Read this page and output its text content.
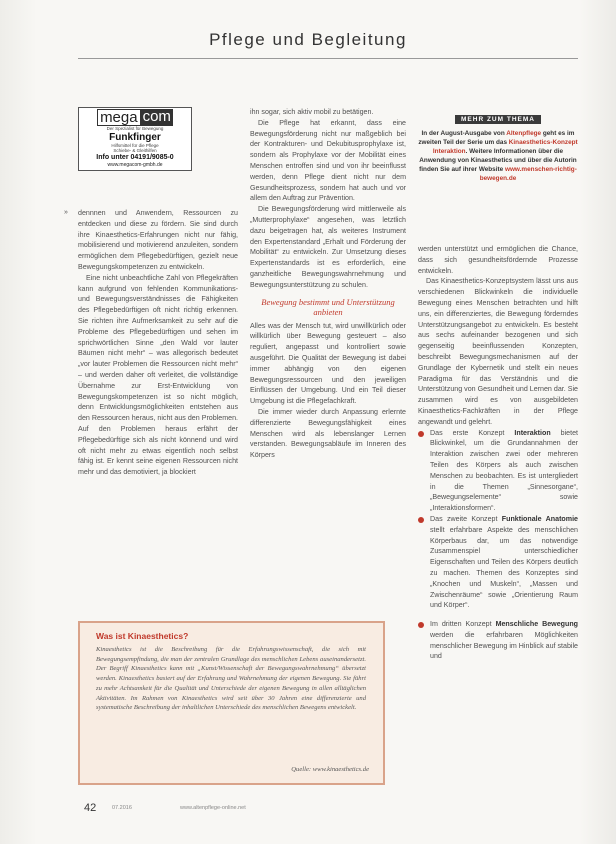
Pflege und Begleitung
mega com
Der Spezialist für Bewegung
Funkfinger
Hilfsmittel für die Pflege
Schiebe- & Gleithilfen
Info unter 04191/9085-0
www.megacom-gmbh.de
» dennnen und Anwendern, Ressourcen zu entdecken und diese zu fördern. Sie sind durch ihre Kinaesthetics-Erfahrungen nicht nur fähig, mobilisierend und motivierend anzuleiten, sondern ermöglichen dem Pflegebedürftigen, gezielt neue Bewegungskompetenzen zu entwickeln.

Eine nicht unbeachtliche Zahl von Pflegekräften kann aufgrund von fehlenden Kommunikations- und Bewegungsverständnisses die Fähigkeiten des Pflegebedürftigen oft nicht richtig erkennen. Sie richten ihre Aufmerksamkeit zu sehr auf die Probleme des Pflegebedürftigen und sehen im sprichwörtlichen Sinne „den Wald vor lauter Bäumen nicht mehr“ – was allegorisch bedeutet „vor lauter Problemen die Ressourcen nicht mehr“ – und werden daher oft verleitet, die vollständige Übernahme zur Erst-Entwicklung von Bewegungskompetenzen ist so nicht möglich, denn Entwicklungsmöglichkeiten entstehen aus den Ressourcen heraus, nicht aus den Problemen. Auf den Problemen heraus erfährt der Pflegebedürftige sich als nicht könnend und wird oft nicht mehr zu etwas eigentlich noch selbst fähig ist. Er kennt seine eigenen Ressourcen nicht mehr und das demotiviert, ja blockiert

ihn sogar, sich aktiv mobil zu betätigen.

Die Pflege hat erkannt, dass eine Bewegungsförderung nicht nur maßgeblich bei der Kontrakturen- und Dekubitusprophylaxe ist, sondern als Prophylaxe vor der Mobilität eines Menschen entroffen sind und von ihr beeinflusst werden, denn Pflege dient nicht nur dem Gesundheitsprozess, sondern hat auch und vor allem den Auftrag zur Prävention.

Die Bewegungsförderung wird mittlerweile als „Mutterprophylaxe“ angesehen, was letztlich dazu beigetragen hat, als weiteres Instrument den Expertenstandard „Erhalt und Förderung der Mobilität“ zu entwickeln. Zur Umsetzung dieses Expertenstandards ist es erforderlich, eine ganzheitliche Bewegungswahrnehmung und Bewegungsunterstützung zu schulen.

Bewegung bestimmt und Unterstützung anbieten

Alles was der Mensch tut, wird unwillkürlich oder willkürlich über Bewegung gesteuert – also reguliert, angepasst und kontrolliert sowie ausgeführt. Die Qualität der Bewegung ist dabei immer abhängig von den eigenen Bewegungsressourcen und den jeweiligen Einflüssen der Umgebung. Und ein Teil dieser Umgebung ist die Pflegefachkraft.

Die immer wieder durch Anpassung erlernte differenzierte Bewegungsfähigkeit eines Menschen wird als lebenslanger Lernen verstanden. Bewegungsabläufe im Inneren des Körpers

MEHR ZUM THEMA
In der August-Ausgabe von Altenpflege geht es im zweiten Teil der Serie um das Kinaesthetics-Konzept Interaktion. Weitere Informationen über die Anwendung von Kinaesthetics und über die Autorin finden Sie auf ihrer Website www.menschen-richtig-bewegen.de

werden unterstützt und ermöglichen die Chance, dass sich gesundheitsfördernde Prozesse entwickeln.

Das Kinaesthetics-Konzeptsystem lässt uns aus verschiedenen Blickwinkeln die individuelle Bewegung eines Menschen betrachten und hilft uns, ein differenziertes, die Bewegung förderndes Unterstützungsangebot zu entwickeln. Es besteht aus sechs aufeinander bezogenen und sich gegenseitig beeinflussenden Konzepten, beschreibt Bewegungsmechanismen auf der Grundlage der Kybernetik und stellt ein neues Paradigma für das Verständnis und die Unterstützung von Gesundheit und Lernen dar. Sie zusammen wird es von ausgebildeten Kinaesthetics-Fachkräften in der Pflege angewandt und gelehrt.

Das erste Konzept Interaktion bietet Blickwinkel, um die Grundannahmen der Interaktion zwischen zwei oder mehreren Teilen des Körpers als auch zwischen Menschen zu beobachten. Es ist untergliedert in die Themen „Sinnesorgane“, „Bewegungselemente“ sowie „Interaktionsformen“.
Das zweite Konzept Funktionale Anatomie stellt erfahrbare Aspekte des menschlichen Körperbaus dar, um das notwendige Zusammenspiel unterschiedlicher Eigenschaften und Teilen des Körpers deutlich zu machen. Themen des Konzeptes sind „Knochen und Muskeln“, „Massen und Zwischenräume“ sowie „Orientierung Raum und Körper“.
Im dritten Konzept Menschliche Bewegung werden die erfahrbaren Möglichkeiten menschlicher Bewegung im Hinblick auf stabile und
Was ist Kinaesthetics?
Kinaesthetics ist die Beschreibung für die Erfahrungswissenschaft, die sich mit Bewegungsempfindung, die man der zentralen Grundlage des menschlichen Lebens auseinandersetzt. Der Begriff Kinaesthetics kann mit „Kunst/Wissenschaft der Bewegungswahrnehmung“ übersetzt werden. Kinaesthetics basiert auf der Erfahrung und Wahrnehmung der eigenen Bewegung. Sie führt zu mehr Achtsamkeit für die Qualität und Unterschiede der eigenen Bewegung in allen alltäglichen Aktivitäten. Im Rahmen von Kinaesthetics wird seit über 30 Jahren eine differenzierte und systematische Beschreibung der inhaltlichen Unterschiede des menschlichen Bewegens entwickelt.
Quelle: www.kinaesthetics.de
42	07.2016	www.altenpflege-online.net
